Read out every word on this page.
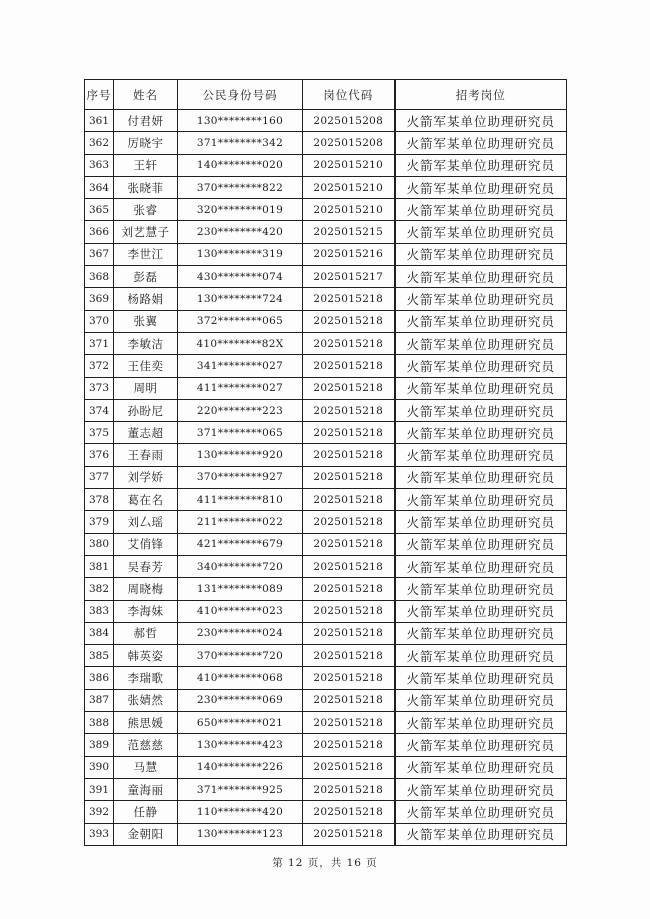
序号	姓名	公民身份号码	岗位代码	招考岗位
361	付君妍	130********160	2025015208	火箭军某单位助理研究员
362	厉晓宇	371********342	2025015208	火箭军某单位助理研究员
363	王轩	140********020	2025015210	火箭军某单位助理研究员
364	张晓菲	370********822	2025015210	火箭军某单位助理研究员
365	张睿	320********019	2025015210	火箭军某单位助理研究员
366	刘艺慧子	230********420	2025015215	火箭军某单位助理研究员
367	李世江	130********319	2025015216	火箭军某单位助理研究员
368	彭磊	430********074	2025015217	火箭军某单位助理研究员
369	杨路娟	130********724	2025015218	火箭军某单位助理研究员
370	张翼	372********065	2025015218	火箭军某单位助理研究员
371	李敏洁	410********82X	2025015218	火箭军某单位助理研究员
372	王佳奕	341********027	2025015218	火箭军某单位助理研究员
373	周明	411********027	2025015218	火箭军某单位助理研究员
374	孙盼尼	220********223	2025015218	火箭军某单位助理研究员
375	董志超	371********065	2025015218	火箭军某单位助理研究员
376	王春雨	130********920	2025015218	火箭军某单位助理研究员
377	刘学娇	370********927	2025015218	火箭军某单位助理研究员
378	葛在名	411********810	2025015218	火箭军某单位助理研究员
379	刘厶瑶	211********022	2025015218	火箭军某单位助理研究员
380	艾俏锋	421********679	2025015218	火箭军某单位助理研究员
381	吴春芳	340********720	2025015218	火箭军某单位助理研究员
382	周晓梅	131********089	2025015218	火箭军某单位助理研究员
383	李海妹	410********023	2025015218	火箭军某单位助理研究员
384	郝哲	230********024	2025015218	火箭军某单位助理研究员
385	韩英姿	370********720	2025015218	火箭军某单位助理研究员
386	李瑞歌	410********068	2025015218	火箭军某单位助理研究员
387	张婧然	230********069	2025015218	火箭军某单位助理研究员
388	熊思媛	650********021	2025015218	火箭军某单位助理研究员
389	范慈慈	130********423	2025015218	火箭军某单位助理研究员
390	马慧	140********226	2025015218	火箭军某单位助理研究员
391	童海丽	371********925	2025015218	火箭军某单位助理研究员
392	任静	110********420	2025015218	火箭军某单位助理研究员
393	金朝阳	130********123	2025015218	火箭军某单位助理研究员
第 12 页，共 16 页
